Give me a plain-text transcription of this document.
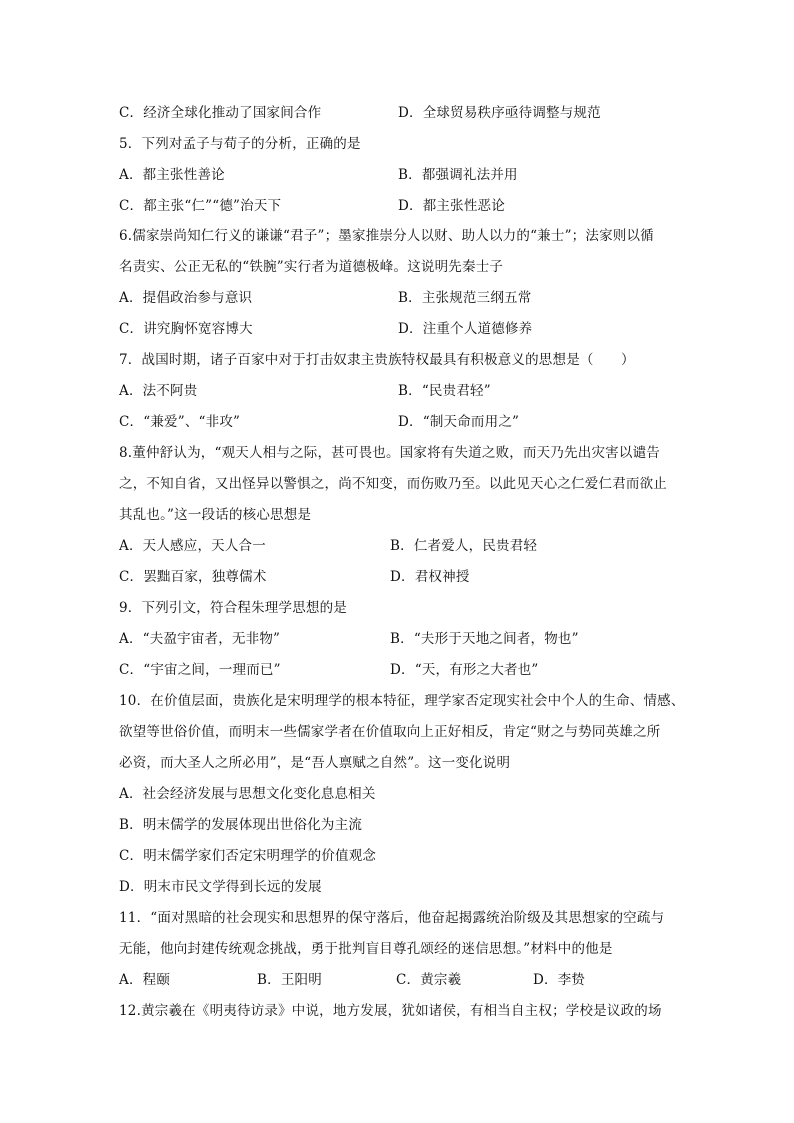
C．经济全球化推动了国家间合作	D．全球贸易秩序亟待调整与规范
5．下列对孟子与荀子的分析，正确的是
A．都主张性善论	B．都强调礼法并用
C．都主张“仁”“德”治天下	D．都主张性恶论
6.儒家崇尚知仁行义的谦谦“君子”；墨家推崇分人以财、助人以力的“兼士”；法家则以循
名责实、公正无私的“铁腕”实行者为道德极峰。这说明先秦士子
A．提倡政治参与意识	B．主张规范三纲五常
C．讲究胸怀宽容博大	D．注重个人道德修养
7．战国时期，诸子百家中对于打击奴隶主贵族特权最具有积极意义的思想是（　　）
A．法不阿贵	B．“民贵君轻”
C．“兼爱”、“非攻”	D．“制天命而用之”
8.董仲舒认为，“观天人相与之际，甚可畏也。国家将有失道之败，而天乃先出灾害以谴告
之，不知自省，又出怪异以警惧之，尚不知变，而伤败乃至。以此见天心之仁爱仁君而欲止
其乱也。”这一段话的核心思想是
A．天人感应，天人合一	B．仁者爱人，民贵君轻
C．罢黜百家，独尊儒术	D．君权神授
9．下列引文，符合程朱理学思想的是
A．“夫盈宇宙者，无非物”	B．“夫形于天地之间者，物也”
C．“宇宙之间，一理而已”	D．“天，有形之大者也”
10．在价值层面，贵族化是宋明理学的根本特征，理学家否定现实社会中个人的生命、情感、
欲望等世俗价值，而明末一些儒家学者在价值取向上正好相反，肯定“财之与势同英雄之所
必资，而大圣人之所必用”，是“吾人禀赋之自然”。这一变化说明
A．社会经济发展与思想文化变化息息相关
B．明末儒学的发展体现出世俗化为主流
C．明末儒学家们否定宋明理学的价值观念
D．明末市民文学得到长远的发展
11．“面对黑暗的社会现实和思想界的保守落后，他奋起揭露统治阶级及其思想家的空疏与
无能，他向封建传统观念挑战，勇于批判盲目尊孔颂经的迷信思想。”材料中的他是
A．程颐	B．王阳明	C．黄宗羲	D．李贽
12.黄宗羲在《明夷待访录》中说，地方发展，犹如诸侯，有相当自主权；学校是议政的场
